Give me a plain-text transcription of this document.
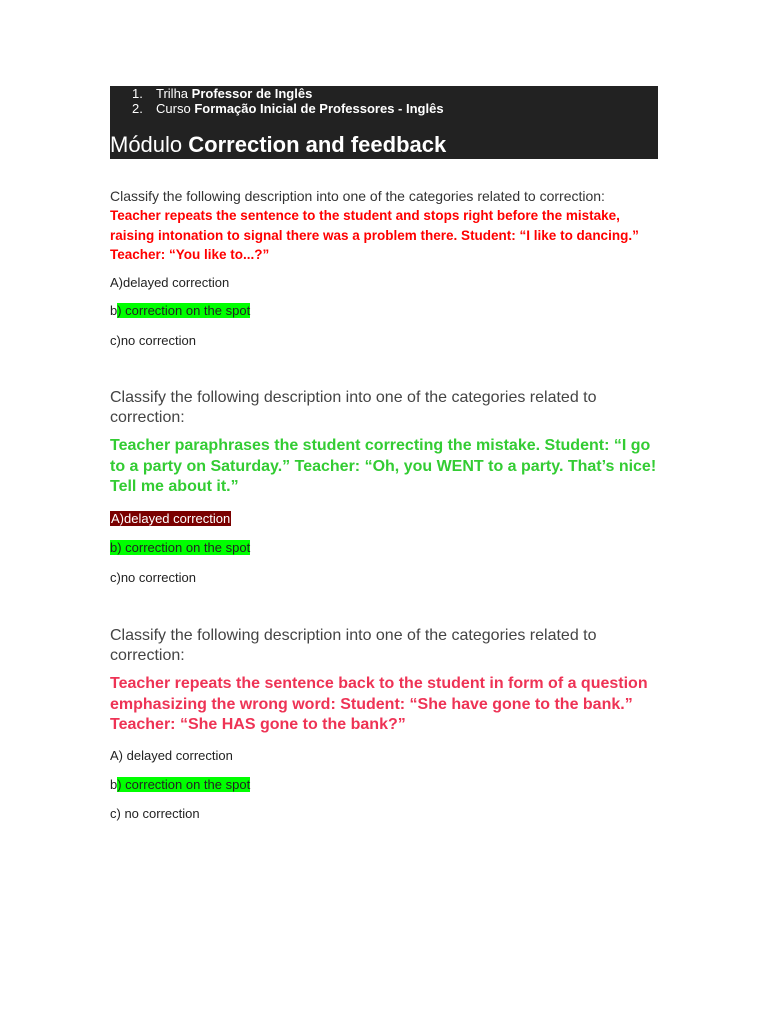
1.	Trilha
Professor de Inglês
2.	Curso
Formação Inicial de Professores - Inglês
Módulo Correction and feedback
Classify the following description into one of the categories related to correction:
Teacher repeats the sentence to the student and stops right before the mistake, raising intonation to signal there was a problem there. Student: “I like to dancing.” Teacher: “You like to...?”
A)delayed correction
b) correction on the spot
c)no correction
Classify the following description into one of the categories related to correction:
Teacher paraphrases the student correcting the mistake. Student: “I go to a party on Saturday.” Teacher: “Oh, you WENT to a party. That’s nice! Tell me about it.”
A)delayed correction
b) correction on the spot
c)no correction
Classify the following description into one of the categories related to correction:
Teacher repeats the sentence back to the student in form of a question emphasizing the wrong word: Student: “She have gone to the bank.” Teacher: “She HAS gone to the bank?”
A) delayed correction
b) correction on the spot
c) no correction
